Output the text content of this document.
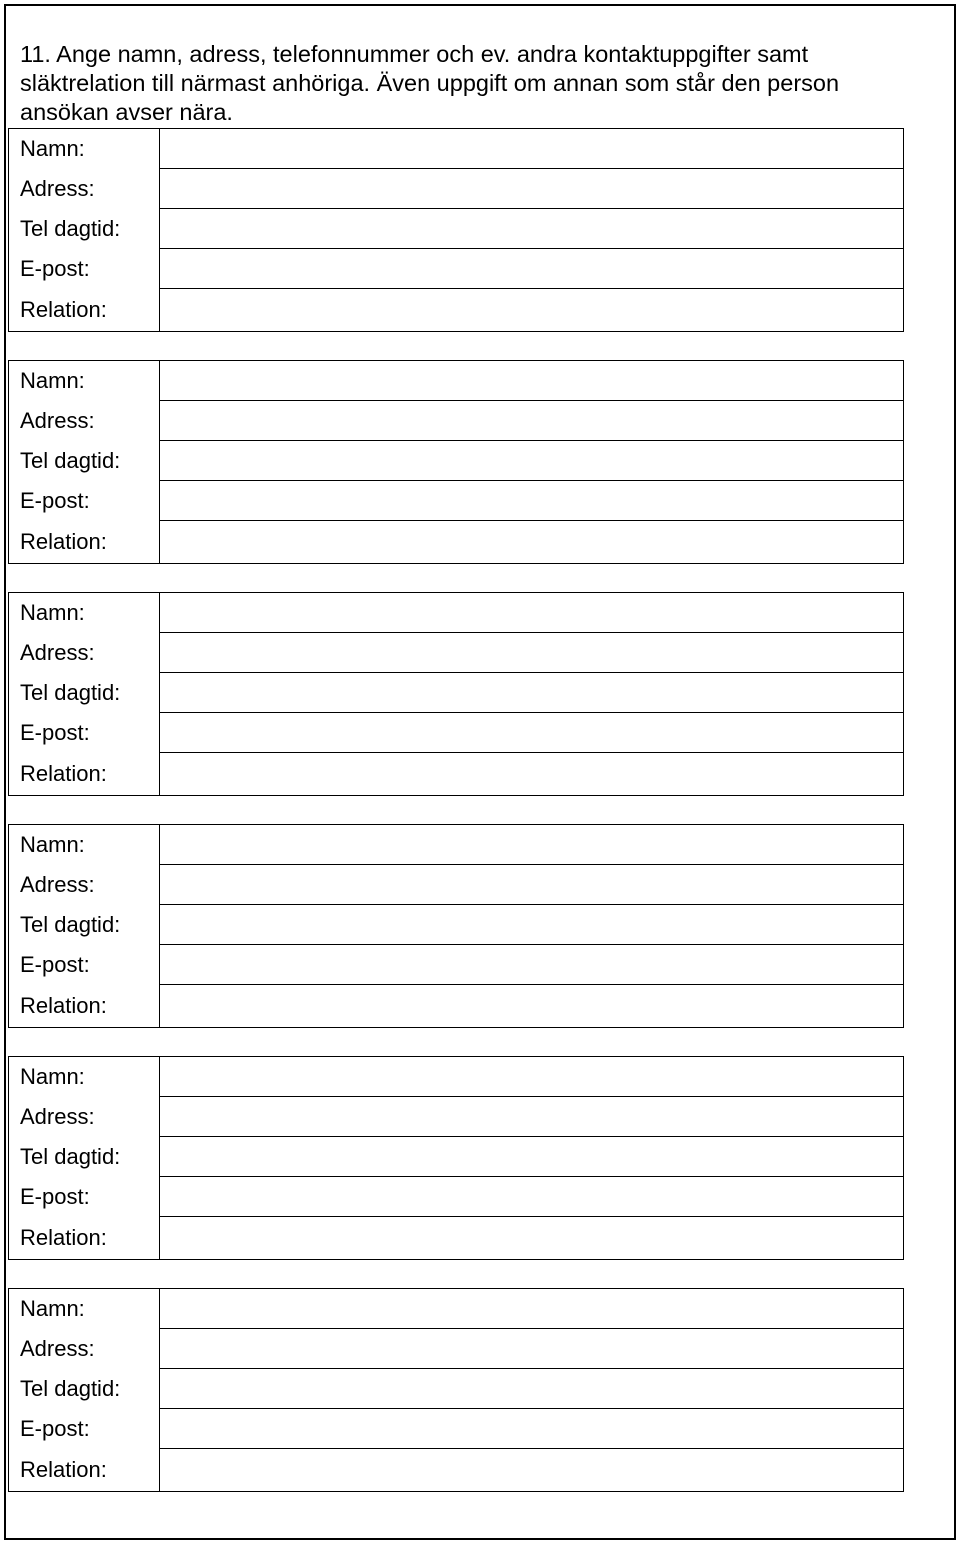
11. Ange namn, adress, telefonnummer och ev. andra kontaktuppgifter samt
släktrelation till närmast anhöriga. Även uppgift om annan som står den person
ansökan avser nära.

Namn:	
Adress:	
Tel dagtid:	
E-post:	
Relation:	
Namn:	
Adress:	
Tel dagtid:	
E-post:	
Relation:	
Namn:	
Adress:	
Tel dagtid:	
E-post:	
Relation:	
Namn:	
Adress:	
Tel dagtid:	
E-post:	
Relation:	
Namn:	
Adress:	
Tel dagtid:	
E-post:	
Relation:	
Namn:	
Adress:	
Tel dagtid:	
E-post:	
Relation:	
